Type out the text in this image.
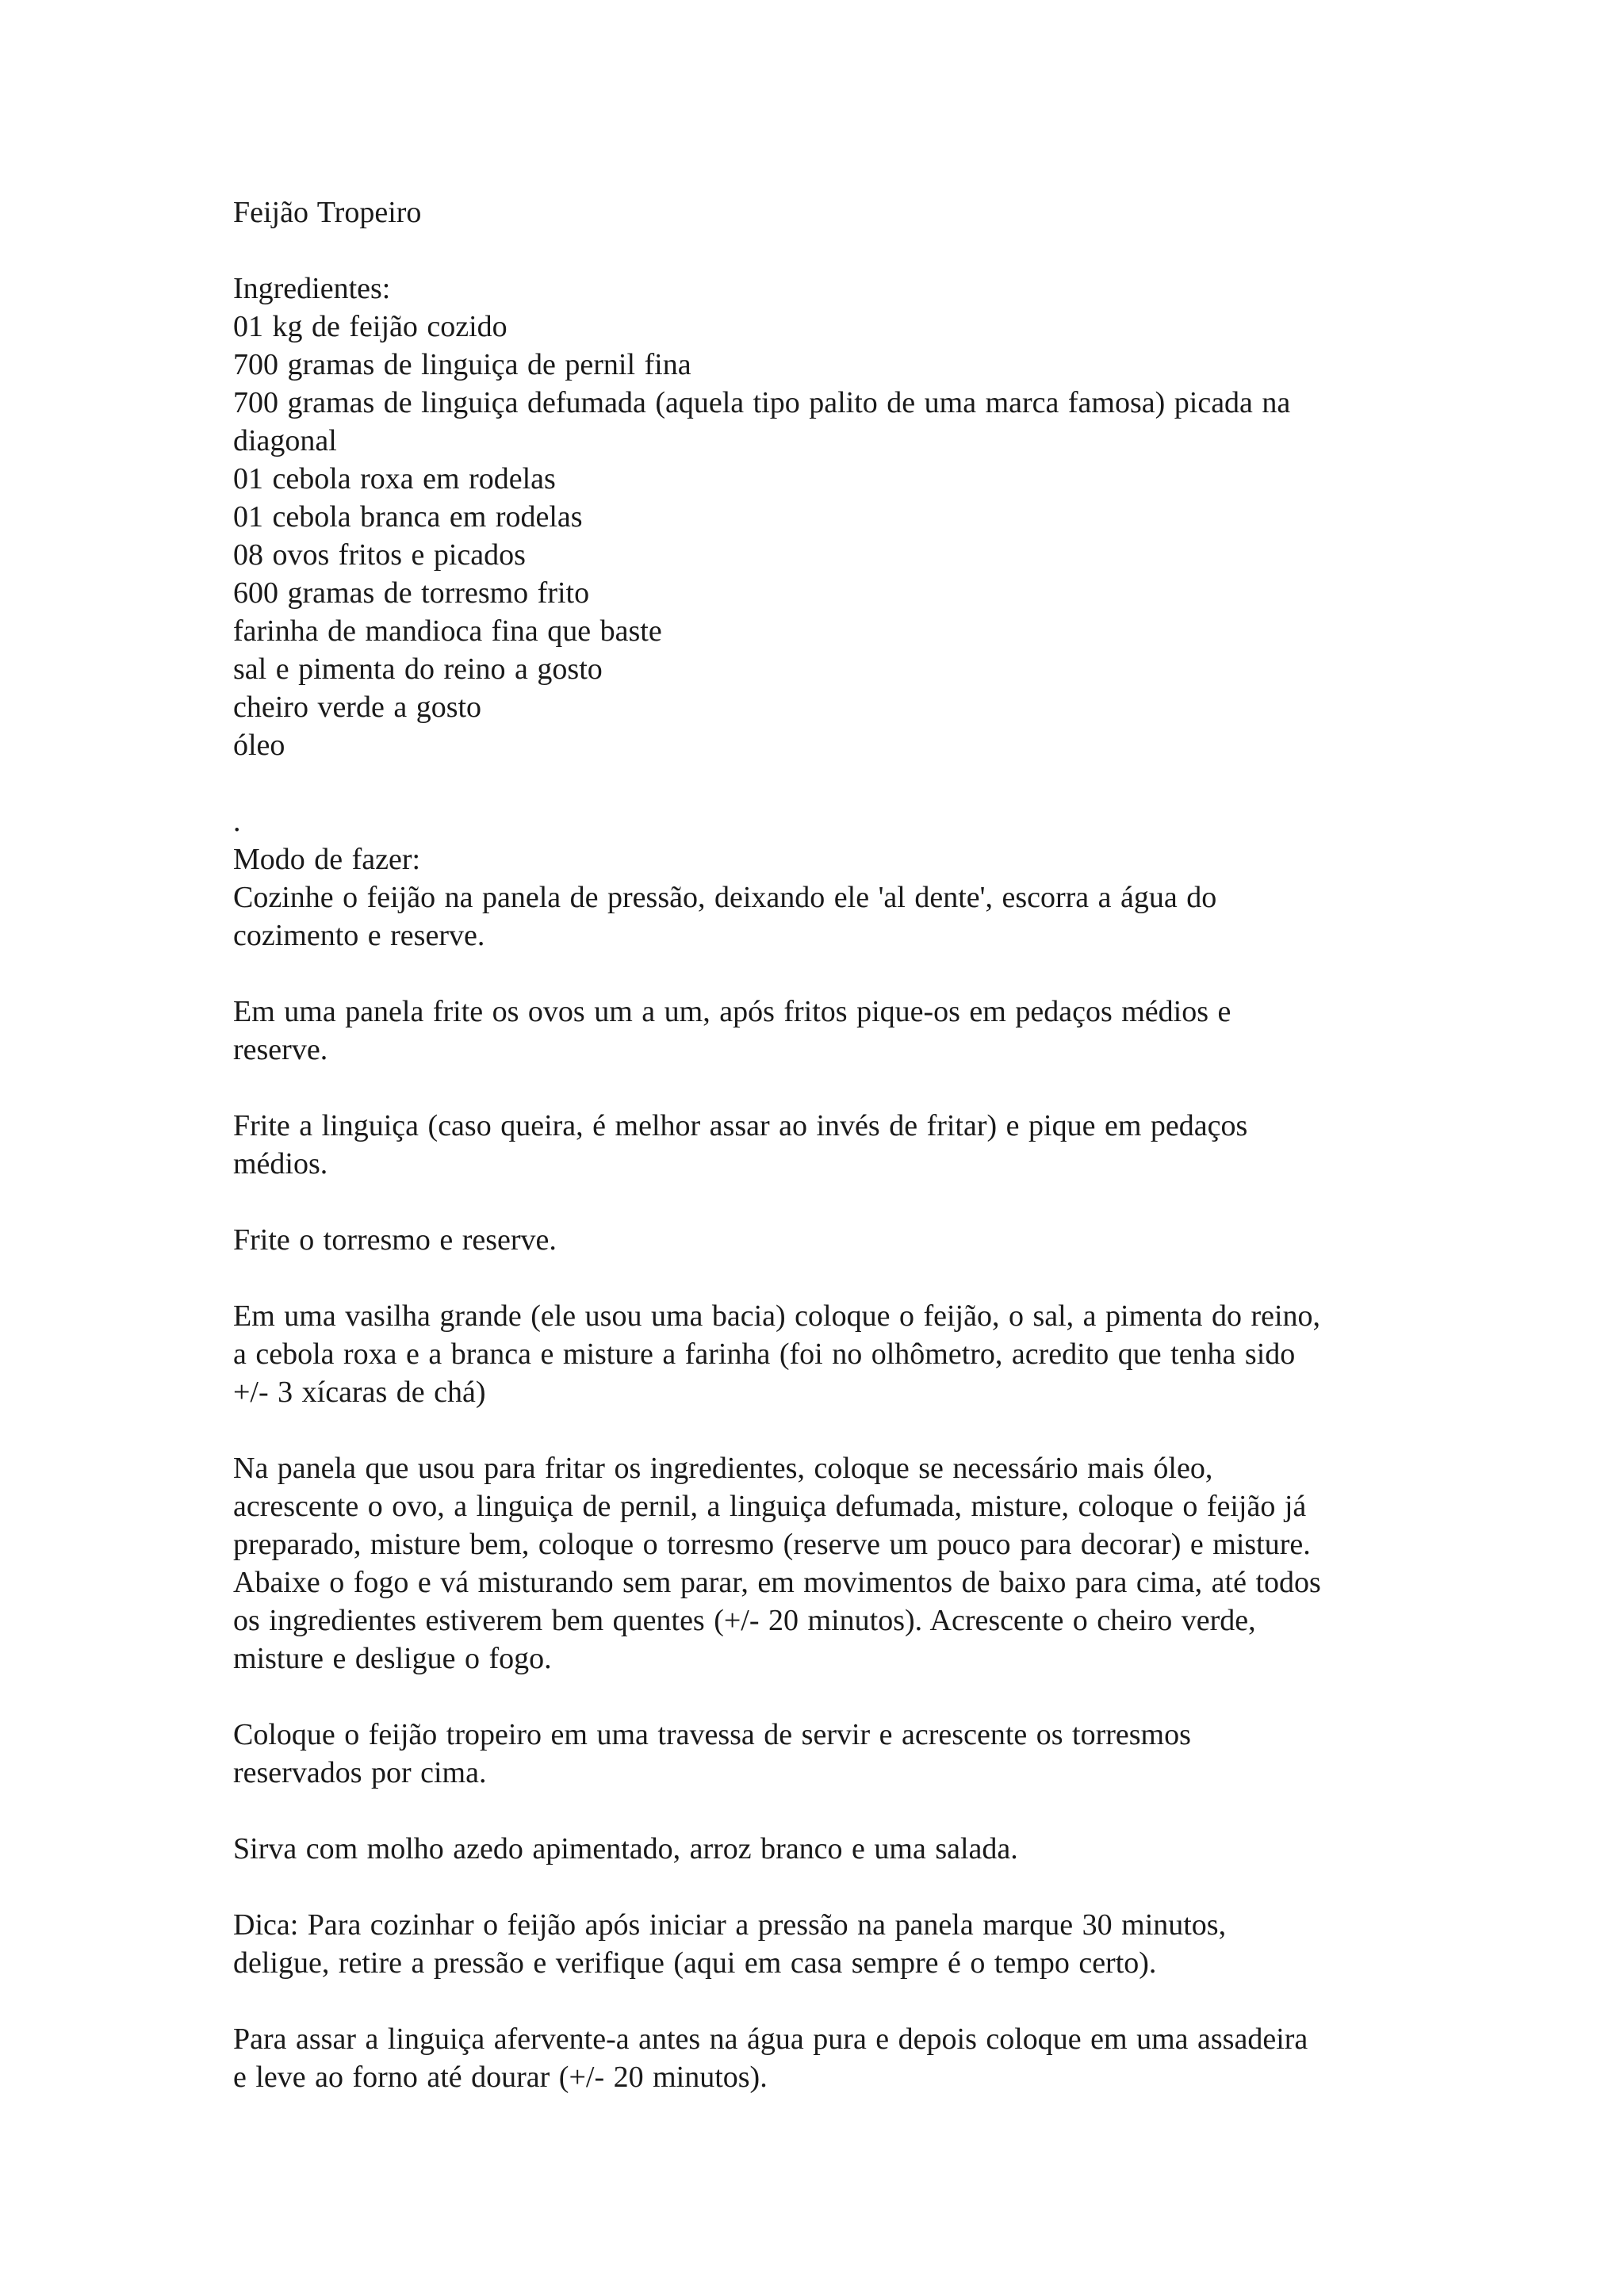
Feijão Tropeiro
Ingredientes:
01 kg de feijão cozido
700 gramas de linguiça de pernil fina
700 gramas de linguiça defumada (aquela tipo palito de uma marca famosa) picada na
diagonal
01 cebola roxa em rodelas
01 cebola branca em rodelas
08 ovos fritos e picados
600 gramas de torresmo frito
farinha de mandioca fina que baste
sal e pimenta do reino a gosto
cheiro verde a gosto
óleo
.
Modo de fazer:
Cozinhe o feijão na panela de pressão, deixando ele 'al dente', escorra a água do
cozimento e reserve.
Em uma panela frite os ovos um a um, após fritos pique-os em pedaços médios e
reserve.
Frite a linguiça (caso queira, é melhor assar ao invés de fritar) e pique em pedaços
médios.
Frite o torresmo e reserve.
Em uma vasilha grande (ele usou uma bacia) coloque o feijão, o sal, a pimenta do reino,
a cebola roxa e a branca e misture a farinha (foi no olhômetro, acredito que tenha sido
+/- 3 xícaras de chá)
Na panela que usou para fritar os ingredientes, coloque se necessário mais óleo,
acrescente o ovo, a linguiça de pernil, a linguiça defumada, misture, coloque o feijão já
preparado, misture bem, coloque o torresmo (reserve um pouco para decorar) e misture.
Abaixe o fogo e vá misturando sem parar, em movimentos de baixo para cima, até todos
os ingredientes estiverem bem quentes (+/- 20 minutos). Acrescente o cheiro verde,
misture e desligue o fogo.
Coloque o feijão tropeiro em uma travessa de servir e acrescente os torresmos
reservados por cima.
Sirva com molho azedo apimentado, arroz branco e uma salada.
Dica: Para cozinhar o feijão após iniciar a pressão na panela marque 30 minutos,
deligue, retire a pressão e verifique (aqui em casa sempre é o tempo certo).
Para assar a linguiça afervente-a antes na água pura e depois coloque em uma assadeira
e leve ao forno até dourar (+/- 20 minutos).
